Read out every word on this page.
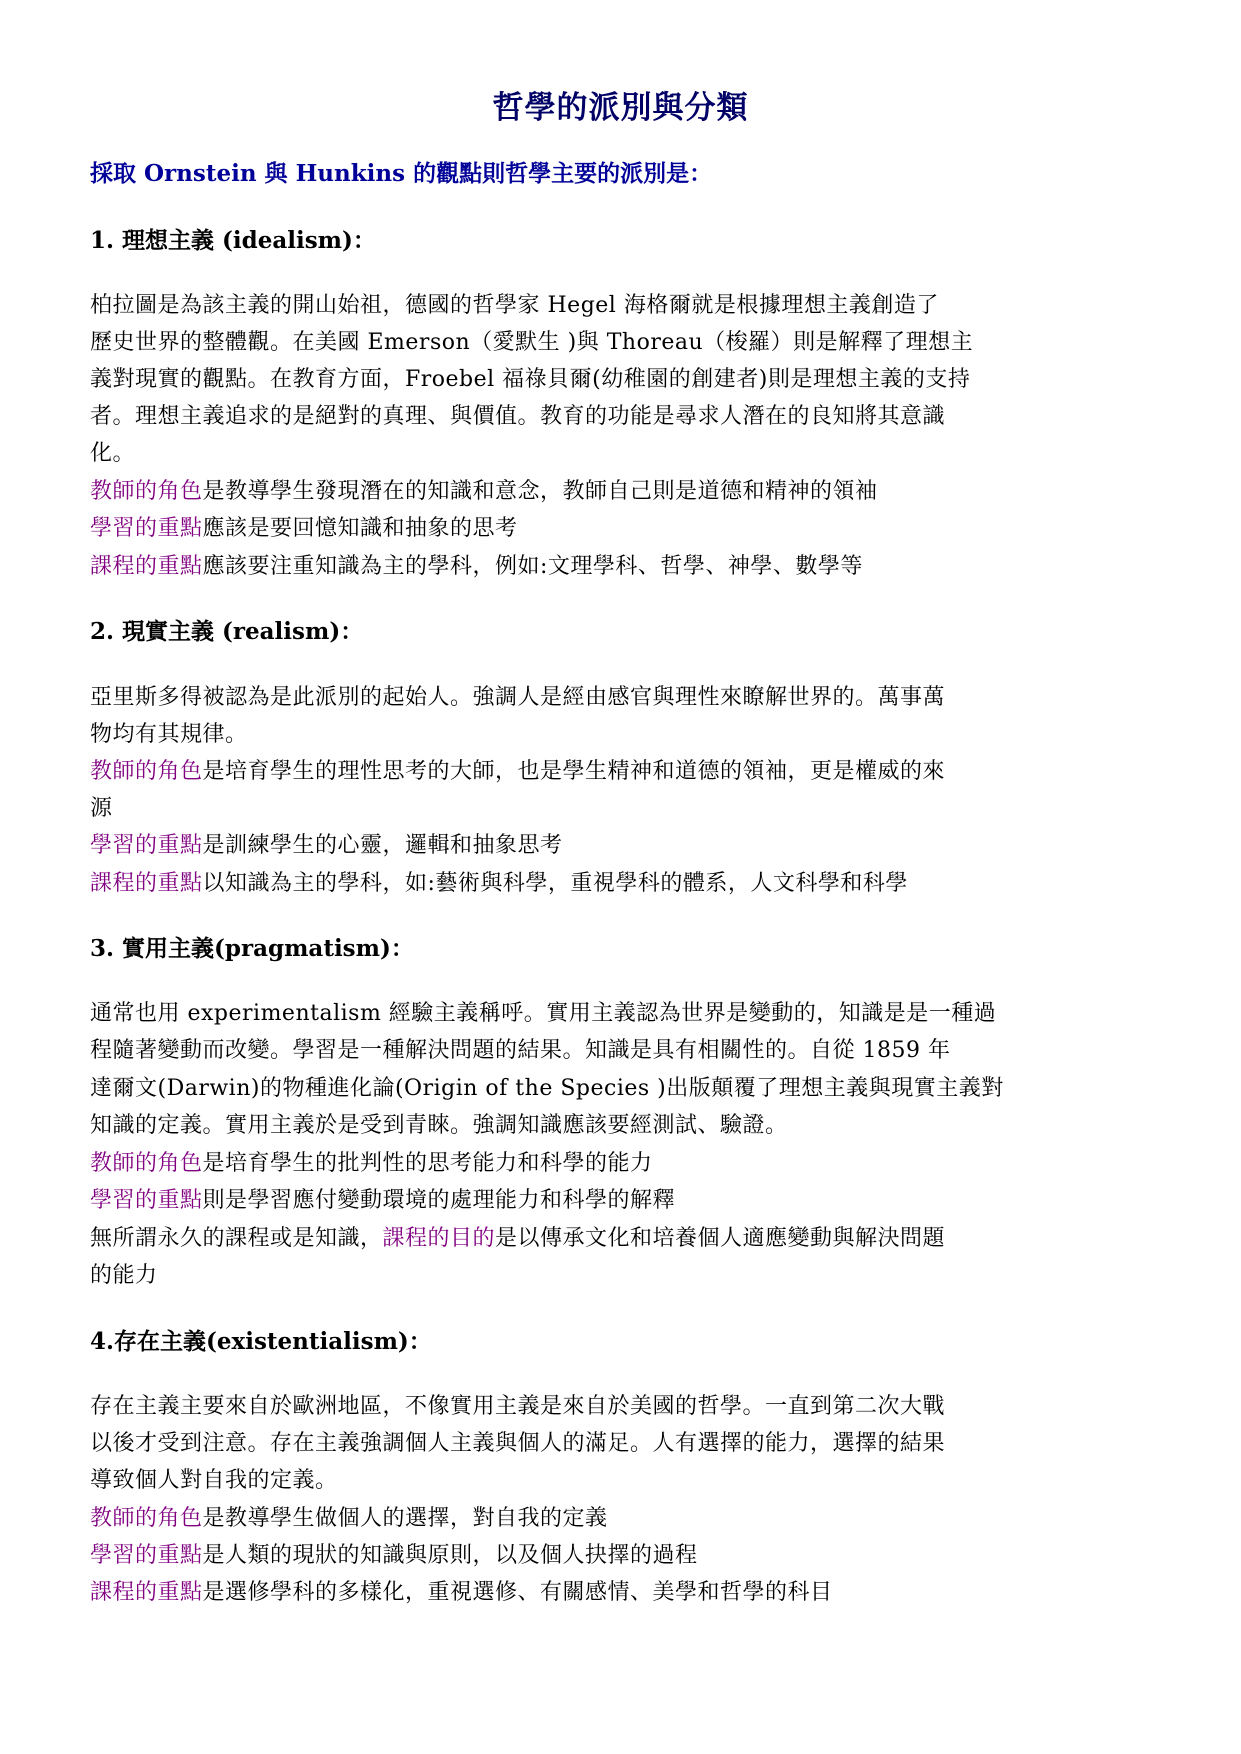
哲學的派別與分類
採取 Ornstein 與 Hunkins 的觀點則哲學主要的派別是：
1. 理想主義 (idealism)：
柏拉圖是為該主義的開山始祖，德國的哲學家 Hegel 海格爾就是根據理想主義創造了
歷史世界的整體觀。在美國 Emerson（愛默生 )與 Thoreau（梭羅）則是解釋了理想主
義對現實的觀點。在教育方面，Froebel 福祿貝爾(幼稚園的創建者)則是理想主義的支持
者。理想主義追求的是絕對的真理、與價值。教育的功能是尋求人潛在的良知將其意識
化。
教師的角色是教導學生發現潛在的知識和意念，教師自己則是道德和精神的領袖
學習的重點應該是要回憶知識和抽象的思考
課程的重點應該要注重知識為主的學科，例如:文理學科、哲學、神學、數學等
2. 現實主義 (realism)：
亞里斯多得被認為是此派別的起始人。強調人是經由感官與理性來瞭解世界的。萬事萬
物均有其規律。
教師的角色是培育學生的理性思考的大師，也是學生精神和道德的領袖，更是權威的來
源
學習的重點是訓練學生的心靈，邏輯和抽象思考
課程的重點以知識為主的學科，如:藝術與科學，重視學科的體系，人文科學和科學
3. 實用主義(pragmatism)：
通常也用 experimentalism 經驗主義稱呼。實用主義認為世界是變動的，知識是是一種過
程隨著變動而改變。學習是一種解決問題的結果。知識是具有相關性的。自從 1859 年
達爾文(Darwin)的物種進化論(Origin of the Species )出版顛覆了理想主義與現實主義對
知識的定義。實用主義於是受到青睞。強調知識應該要經測試、驗證。
教師的角色是培育學生的批判性的思考能力和科學的能力
學習的重點則是學習應付變動環境的處理能力和科學的解釋
無所謂永久的課程或是知識，課程的目的是以傳承文化和培養個人適應變動與解決問題
的能力
4.存在主義(existentialism)：
存在主義主要來自於歐洲地區，不像實用主義是來自於美國的哲學。一直到第二次大戰
以後才受到注意。存在主義強調個人主義與個人的滿足。人有選擇的能力，選擇的結果
導致個人對自我的定義。
教師的角色是教導學生做個人的選擇，對自我的定義
學習的重點是人類的現狀的知識與原則，以及個人抉擇的過程
課程的重點是選修學科的多樣化，重視選修、有關感情、美學和哲學的科目
